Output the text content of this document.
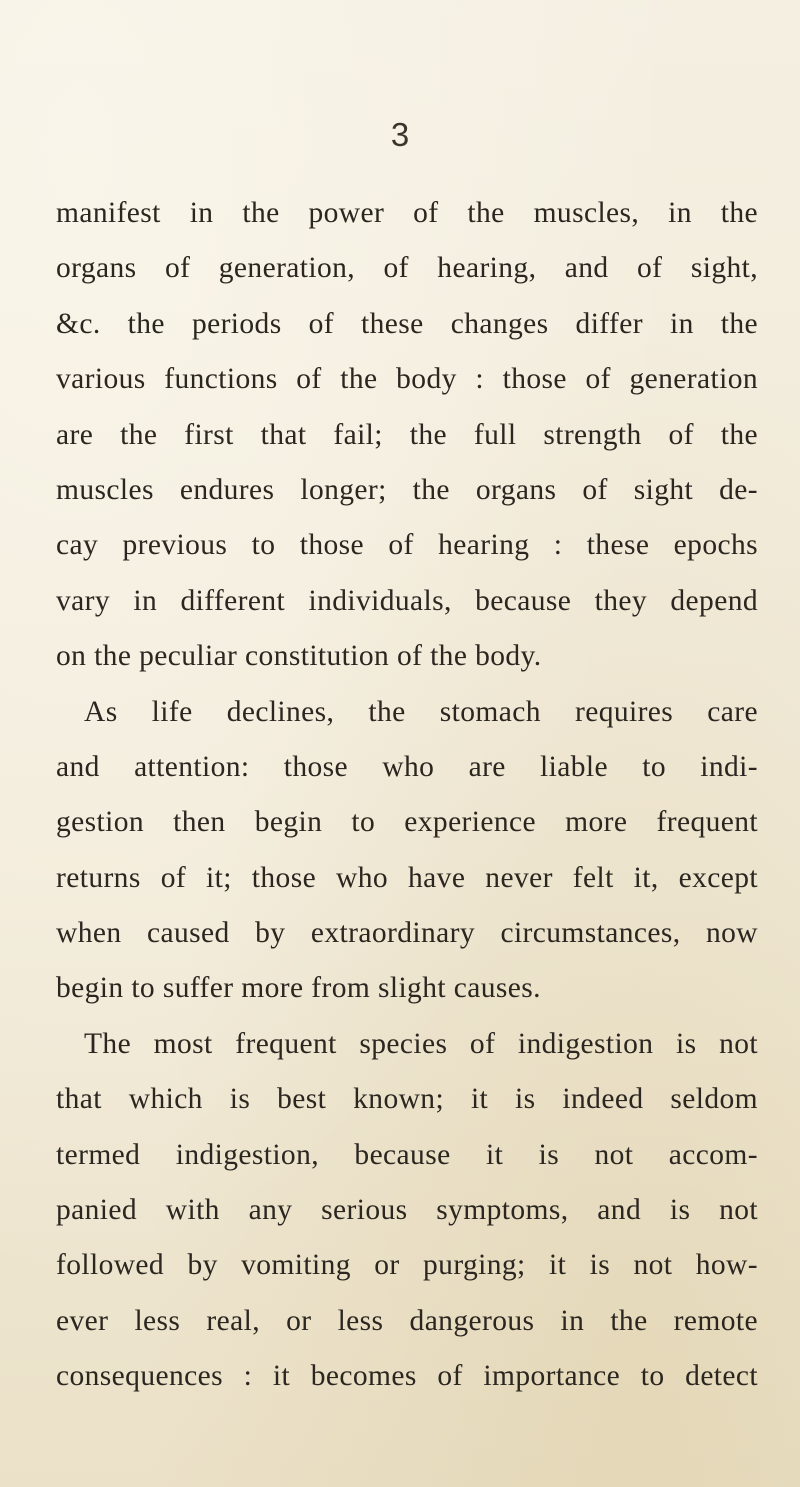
3
manifest in the power of the muscles, in the
organs of generation, of hearing, and of sight,
&c. the periods of these changes differ in the
various functions of the body : those of generation
are the first that fail; the full strength of the
muscles endures longer; the organs of sight de-
cay previous to those of hearing : these epochs
vary in different individuals, because they depend
on the peculiar constitution of the body.
As life declines, the stomach requires care
and attention: those who are liable to indi-
gestion then begin to experience more frequent
returns of it; those who have never felt it, except
when caused by extraordinary circumstances, now
begin to suffer more from slight causes.
The most frequent species of indigestion is not
that which is best known; it is indeed seldom
termed indigestion, because it is not accom-
panied with any serious symptoms, and is not
followed by vomiting or purging; it is not how-
ever less real, or less dangerous in the remote
consequences : it becomes of importance to detect
